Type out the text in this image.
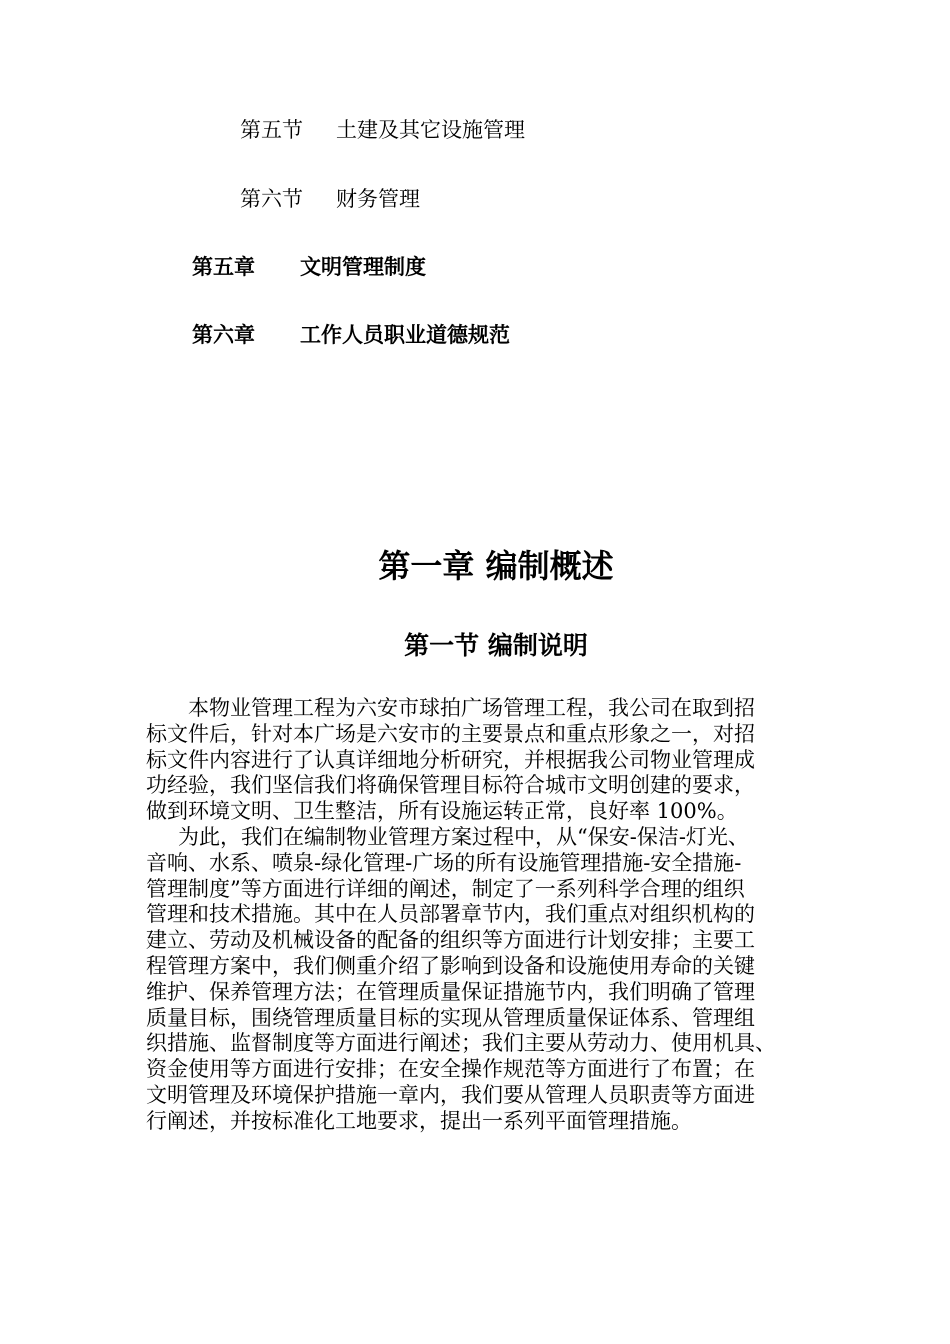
第五节 土建及其它设施管理
第六节 财务管理
第五章 文明管理制度
第六章 工作人员职业道德规范
第一章 编制概述
第一节 编制说明
本物业管理工程为六安市球拍广场管理工程，我公司在取到招
标文件后，针对本广场是六安市的主要景点和重点形象之一，对招
标文件内容进行了认真详细地分析研究，并根据我公司物业管理成
功经验，我们坚信我们将确保管理目标符合城市文明创建的要求，
做到环境文明、卫生整洁，所有设施运转正常，良好率 100%。
为此，我们在编制物业管理方案过程中，从“保安-保洁-灯光、
音响、水系、喷泉-绿化管理-广场的所有设施管理措施-安全措施-
管理制度”等方面进行详细的阐述，制定了一系列科学合理的组织
管理和技术措施。其中在人员部署章节内，我们重点对组织机构的
建立、劳动及机械设备的配备的组织等方面进行计划安排；主要工
程管理方案中，我们侧重介绍了影响到设备和设施使用寿命的关键
维护、保养管理方法；在管理质量保证措施节内，我们明确了管理
质量目标，围绕管理质量目标的实现从管理质量保证体系、管理组
织措施、监督制度等方面进行阐述；我们主要从劳动力、使用机具、
资金使用等方面进行安排；在安全操作规范等方面进行了布置；在
文明管理及环境保护措施一章内，我们要从管理人员职责等方面进
行阐述，并按标准化工地要求，提出一系列平面管理措施。
